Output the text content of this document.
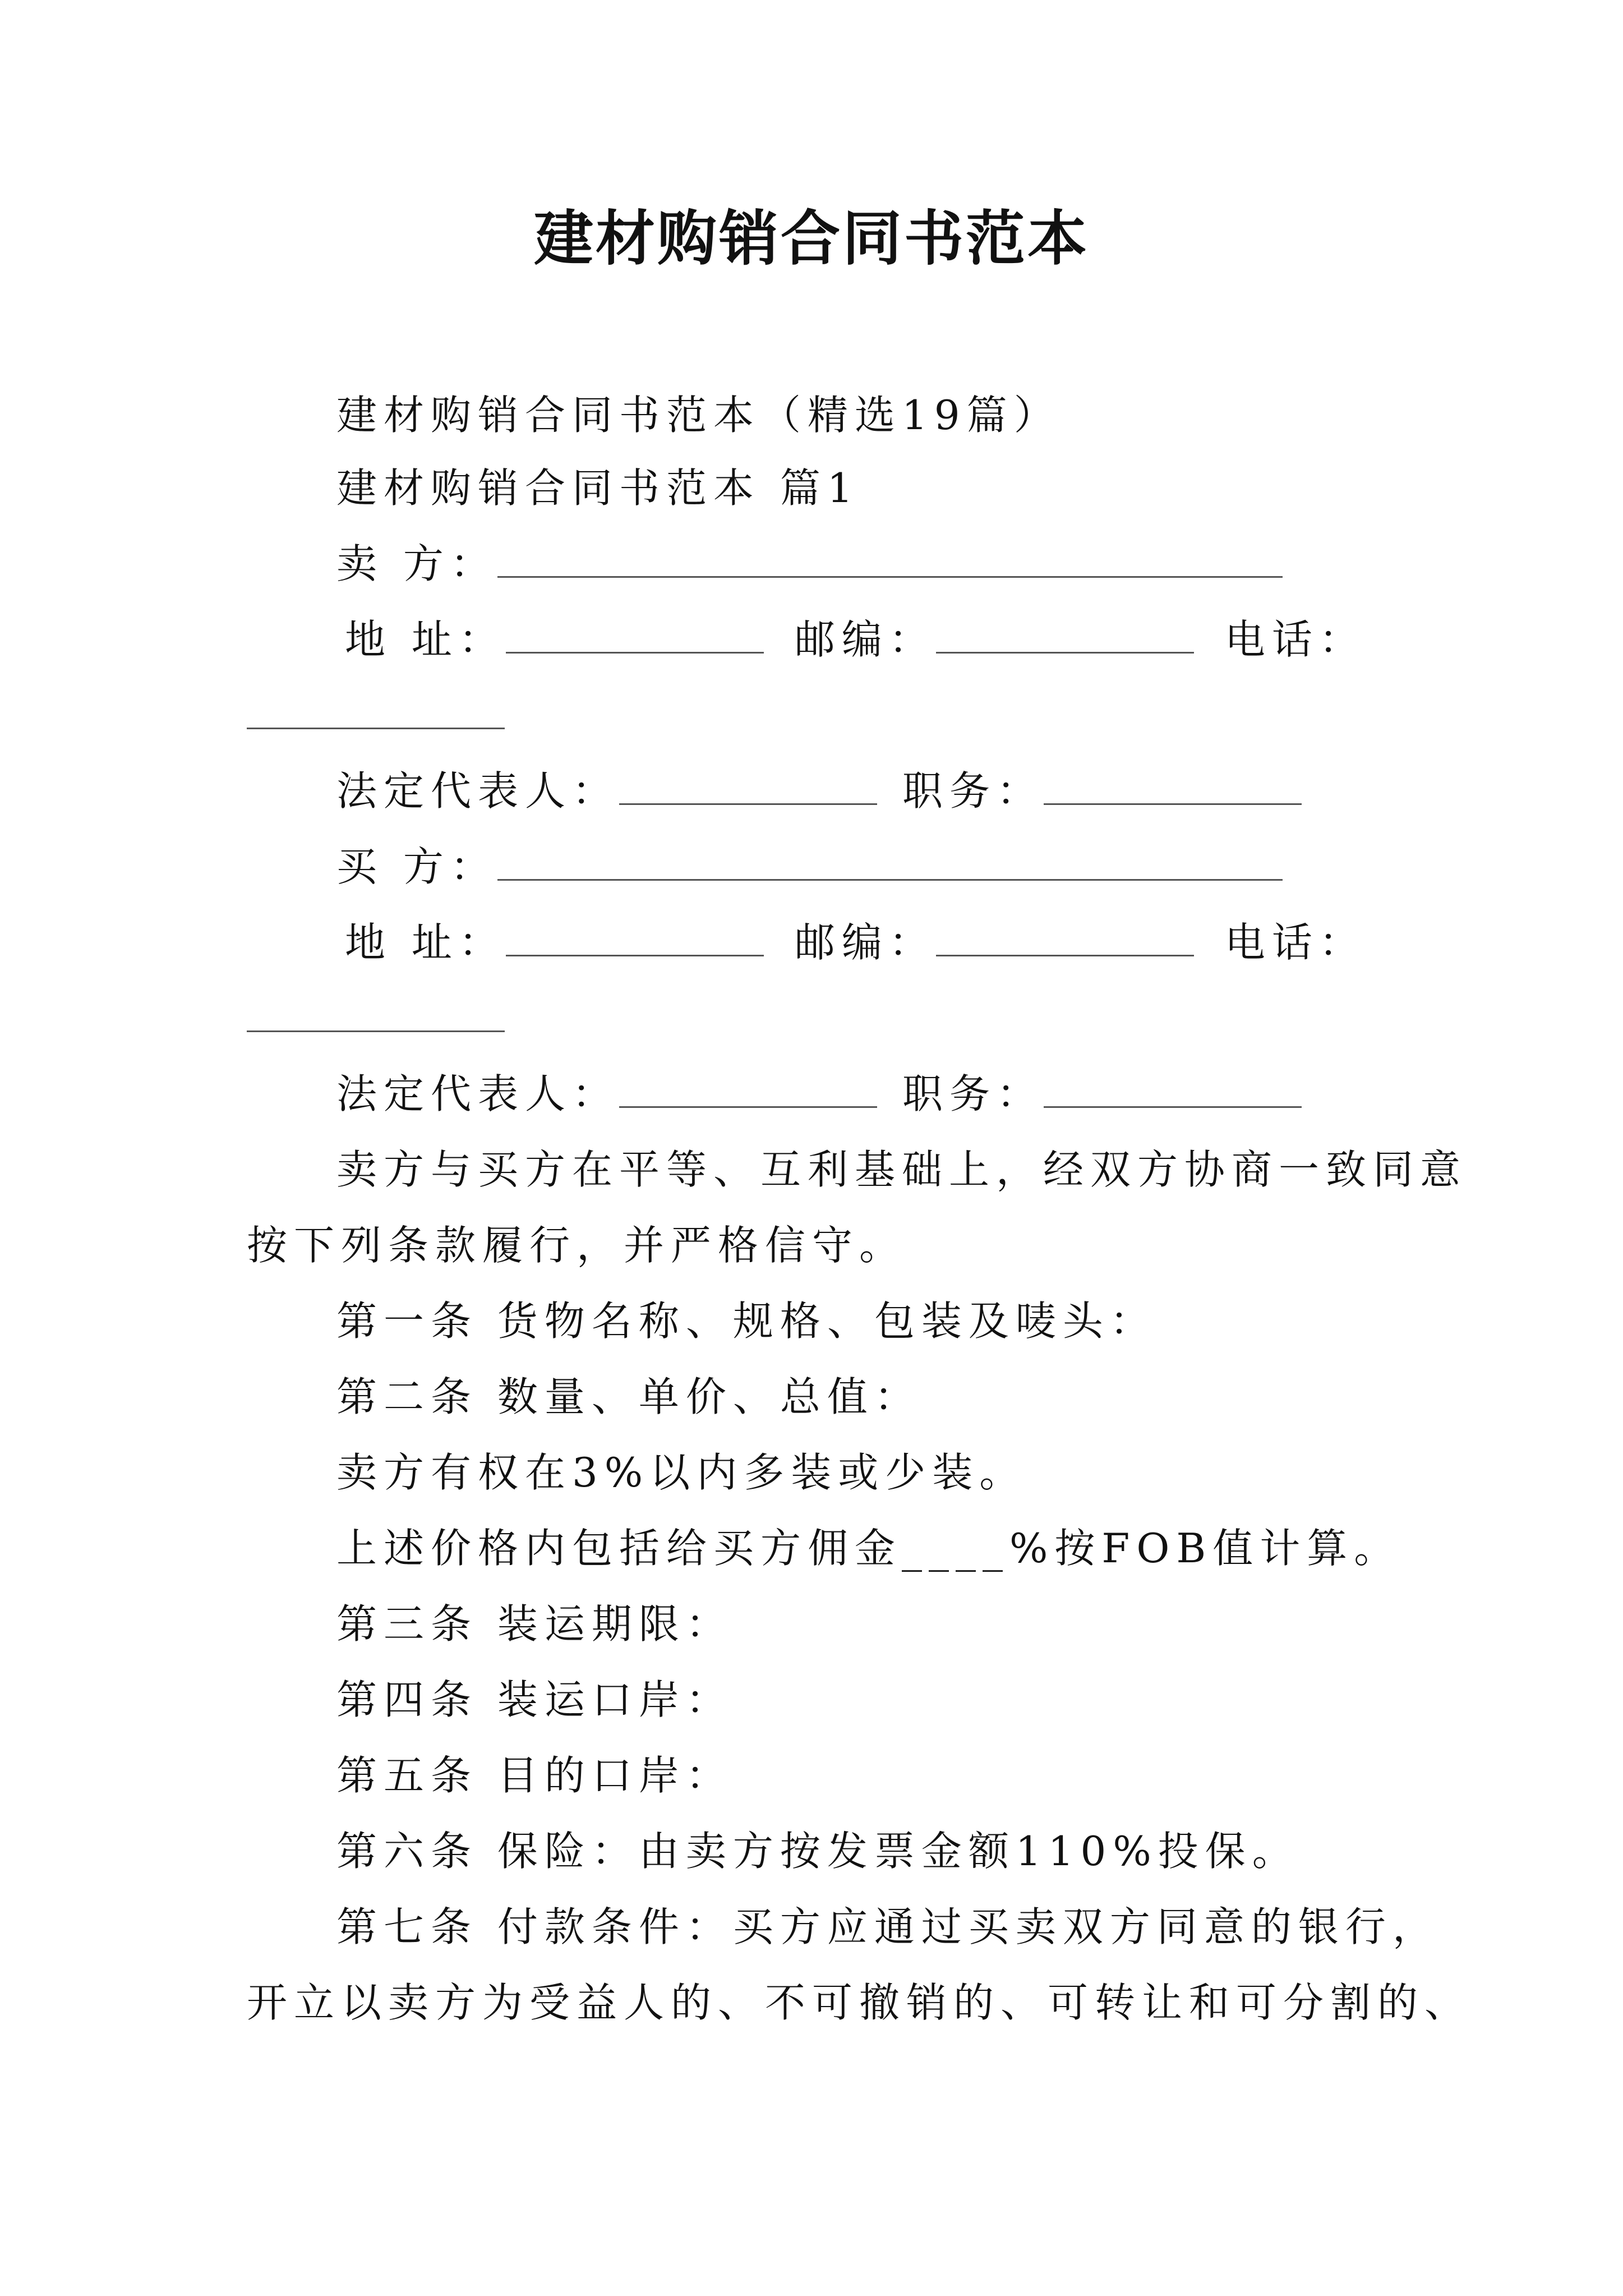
建材购销合同书范本
建材购销合同书范本（精选19篇）
建材购销合同书范本 篇1
卖 方：
地 址：	邮编：	电话：
法定代表人：	职务：
买 方：
地 址：	邮编：	电话：
法定代表人：	职务：
卖方与买方在平等、互利基础上，经双方协商一致同意
按下列条款履行，并严格信守。
第一条 货物名称、规格、包装及唛头：
第二条 数量、单价、总值：
卖方有权在3%以内多装或少装。
上述价格内包括给买方佣金____%按FOB值计算。
第三条 装运期限：
第四条 装运口岸：
第五条 目的口岸：
第六条 保险：由卖方按发票金额110%投保。
第七条 付款条件：买方应通过买卖双方同意的银行，
开立以卖方为受益人的、不可撤销的、可转让和可分割的、
